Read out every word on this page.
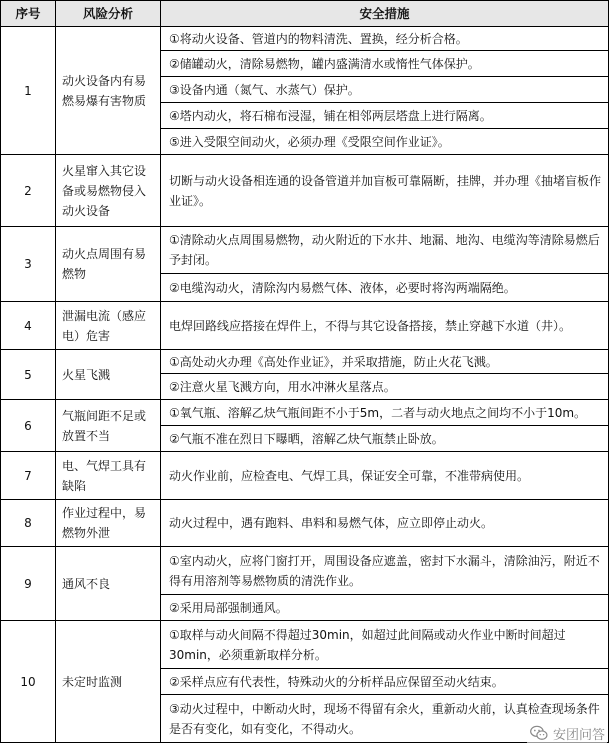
序号	风险分析	安全措施
1	动火设备内有易燃易爆有害物质	①将动火设备、管道内的物料清洗、置换，经分析合格。
		②储罐动火，清除易燃物，罐内盛满清水或惰性气体保护。
		③设备内通（氮气、水蒸气）保护。
		④塔内动火，将石棉布浸湿，铺在相邻两层塔盘上进行隔离。
		⑤进入受限空间动火，必须办理《受限空间作业证》。
2	火星窜入其它设备或易燃物侵入动火设备	切断与动火设备相连通的设备管道并加盲板可靠隔断，挂牌，并办理《抽堵盲板作业证》。
3	动火点周围有易燃物	①清除动火点周围易燃物，动火附近的下水井、地漏、地沟、电缆沟等清除易燃后予封闭。
		②电缆沟动火，清除沟内易燃气体、液体，必要时将沟两端隔绝。
4	泄漏电流（感应电）危害	电焊回路线应搭接在焊件上，不得与其它设备搭接，禁止穿越下水道（井）。
5	火星飞溅	①高处动火办理《高处作业证》，并采取措施，防止火花飞溅。
		②注意火星飞溅方向，用水冲淋火星落点。
6	气瓶间距不足或放置不当	①氧气瓶、溶解乙炔气瓶间距不小于5m，二者与动火地点之间均不小于10m。
		②气瓶不准在烈日下曝晒，溶解乙炔气瓶禁止卧放。
7	电、气焊工具有缺陷	动火作业前，应检查电、气焊工具，保证安全可靠，不准带病使用。
8	作业过程中，易燃物外泄	动火过程中，遇有跑料、串料和易燃气体，应立即停止动火。
9	通风不良	①室内动火，应将门窗打开，周围设备应遮盖，密封下水漏斗，清除油污，附近不得有用溶剂等易燃物质的清洗作业。
		②采用局部强制通风。
10	未定时监测	①取样与动火间隔不得超过30min，如超过此间隔或动火作业中断时间超过30min，必须重新取样分析。
		②采样点应有代表性，特殊动火的分析样品应保留至动火结束。
		③动火过程中，中断动火时，现场不得留有余火，重新动火前，认真检查现场条件是否有变化，如有变化，不得动火。	安团问答
